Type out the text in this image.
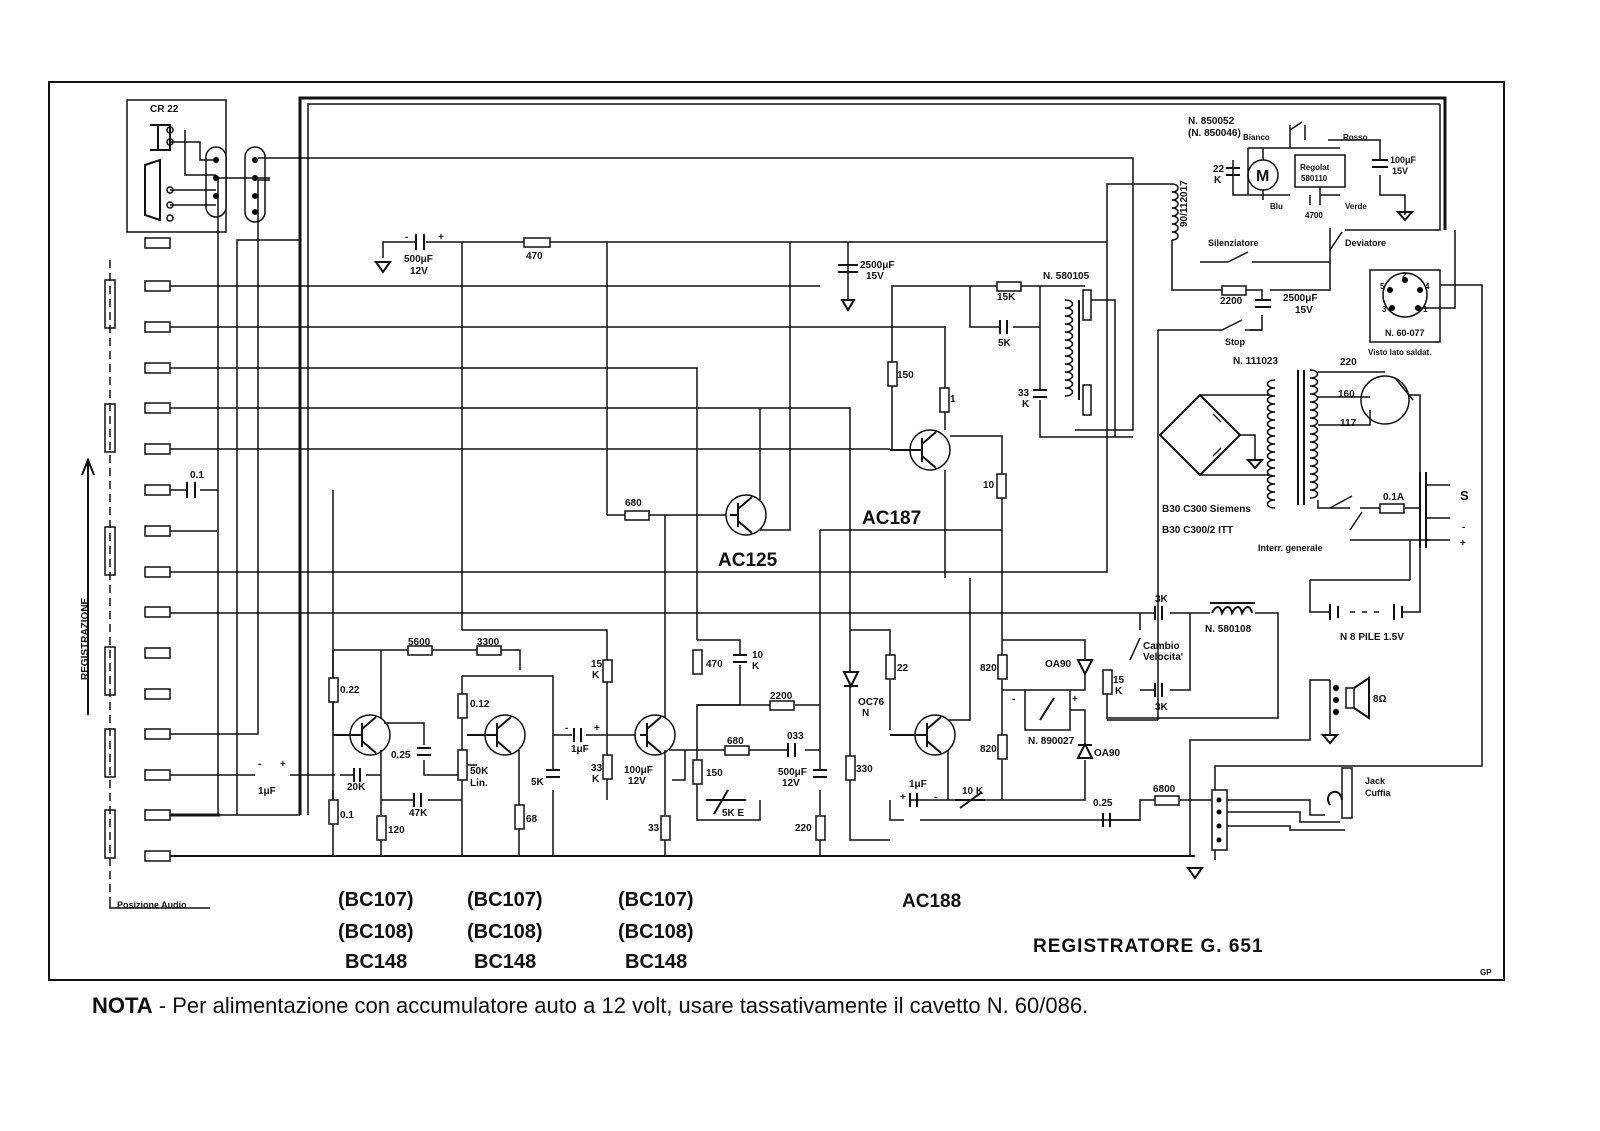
CR 22
REGISTRAZIONE
Posizione Audio
0.1
500μF
12V
-	+
470
2500μF
15V
15K
5K
33
K
150
1
10
N. 580105
AC187
680
AC125
5600	3300
0.22
0.12
0.25
20K
47K
50K
Lin.	5K
1μF
-	+
1μF
- +
0.1
120
68
15
K
33
K
100μF
12V
33
470
10
K
2200
680	033
150
5K E
500μF
12V
220
22
OC76
N
330
1μF
+	-
10 K
820
820
OA90
OA90
N. 890027
-	+
AC188
3K
3K
15
K
N. 580108
Cambio
Velocita'
N. 850052
(N. 850046) Bianco	Rosso
Blu	Verde
22
K M
Regolat
580110
4700
100μF
15V
90/112017
Silenziatore	Deviatore
2200	2500μF
15V
Stop
2
4
5
3	1
N. 60-077
Visto lato saldat.
N. 111023	220
160
117
B30 C300 Siemens
B30 C300/2 ITT
Interr. generale
0.1A
N 8 PILE 1.5V
S
-
+
8Ω
0.25
6800
Jack
Cuffia
(BC107)
(BC108)
BC148
(BC107)
(BC108)
BC148
(BC107)
(BC108)
BC148
REGISTRATORE G. 651
GP
NOTA - Per alimentazione con accumulatore auto a 12 volt, usare tassativamente il cavetto N. 60/086.
